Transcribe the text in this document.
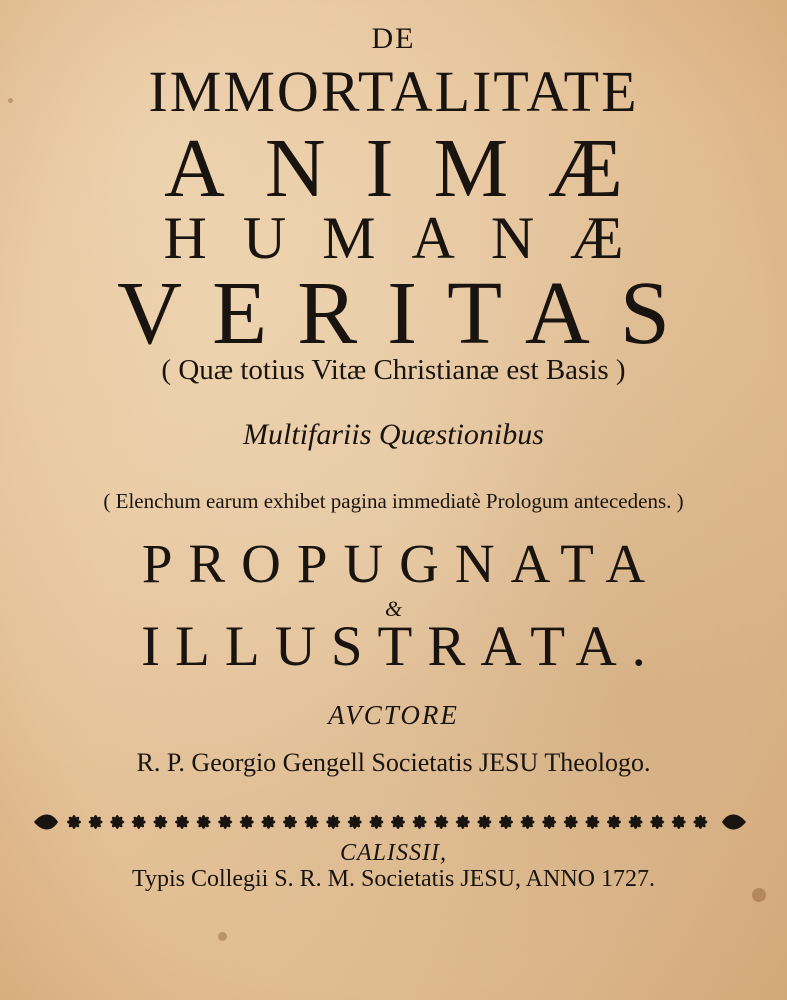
DE
IMMORTALITATE
ANIMÆ
HUMANÆ
VERITAS
( Quæ totius Vitæ Christianæ est Basis )
Multifariis Quæstionibus
( Elenchum earum exhibet pagina immediatè Prologum antecedens. )
PROPUGNATA
&
ILLUSTRATA.
AVCTORE
R. P. Georgio Gengell Societatis JESU Theologo.
CALISSII,
Typis Collegii S. R. M. Societatis JESU, ANNO 1727.
